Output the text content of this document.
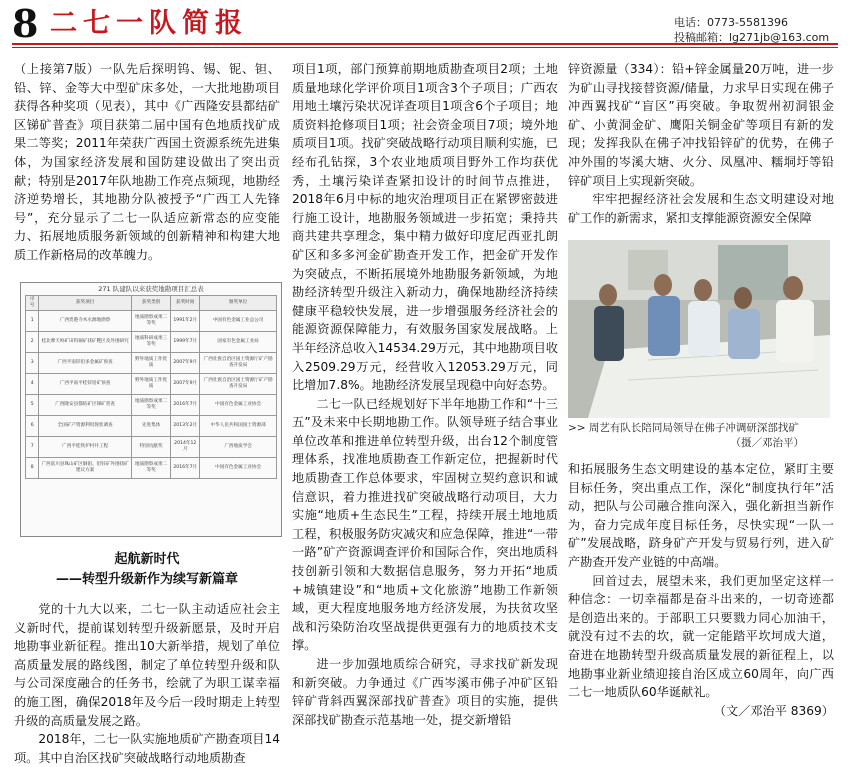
8 二七一队简报	电话：0773-5581396
投稿邮箱：lg271jb@163.com

（上接第7版）一队先后探明钨、锡、铌、钽、铅、锌、金等大中型矿床多处，一大批地勘项目获得各种奖项（见表），其中《广西隆安县都结矿区锑矿普查》项目获第二届中国有色地质找矿成果二等奖；2011年荣获广西国土资源系统先进集体，为国家经济发展和国防建设做出了突出贡献；特别是2017年队地勘工作亮点频现，地勘经济逆势增长，其地勘分队被授予“广西工人先锋号”，充分显示了二七一队适应新常态的应变能力、拓展地质服务新领域的创新精神和构建大地质工作新格局的改革魄力。

271 队建队以来获奖地勘项目汇总表
序号	获奖项目	获奖类别	获奖时间	颁奖单位
1	广西贵港寺木水源地勘察	地质勘察成果二等奖	1991年2月	中国有色金属工业总公司
2	桂北摩天岭矿田钨锡矿找矿靶区及外围研究	地质科研成果三等奖	1999年7月	国家有色金属工业局
3	广西平南锌铅多金属矿预查	野外地质工作优质	2007年9月	广西壮族自治区国土资源厅矿产勘查开发局
4	广西平南平桂锌铅矿预查	野外地质工作优质	2007年9月	广西壮族自治区国土资源厅矿产勘查开发局
5	广西隆安县都结矿区锑矿普查	地质勘察成果二等奖	2016年7月	中国有色金属工业协会
6	全国矿产资源利用现状调查	先进集体	2013年2月	中华人民共和国国土资源部
7	广西平桂铁炉村井工程	特别贡献奖	2014年12月	广西地质学会
8	广西富川县珠山矿区铜钼、铅锌矿外围找矿建议方案	地质勘察成果二等奖	2016年7月	中国有色金属工业协会
起航新时代
——转型升级新作为续写新篇章

党的十九大以来，二七一队主动适应社会主义新时代，提前谋划转型升级新愿景，及时开启地勘事业新征程。推出10大新举措，规划了单位高质量发展的路线图，制定了单位转型升级和队与公司深度融合的任务书，绘就了为职工谋幸福的施工图，确保2018年及今后一段时期走上转型升级的高质量发展之路。

2018年，二七一队实施地质矿产勘查项目14项。其中自治区找矿突破战略行动地质勘查

项目1项，部门预算前期地质勘查项目2项；土地质量地球化学评价项目1项含3个子项目；广西农用地土壤污染状况详查项目1项含6个子项目；地质资料抢修项目1项；社会资金项目7项；境外地质项目1项。找矿突破战略行动项目顺利实施，已经布孔钻探，3个农业地质项目野外工作均获优秀，土壤污染详查紧扣设计的时间节点推进，2018年6月中标的地灾治理项目正在紧锣密鼓进行施工设计，地勘服务领域进一步拓宽；秉持共商共建共享理念，集中精力做好印度尼西亚扎朗矿区和多多河金矿勘查开发工作，把金矿开发作为突破点，不断拓展境外地勘服务新领域，为地勘经济转型升级注入新动力，确保地勘经济持续健康平稳较快发展，进一步增强服务经济社会的能源资源保障能力，有效服务国家发展战略。上半年经济总收入14534.29万元，其中地勘项目收入2509.29万元，经营收入12053.29万元，同比增加7.8%。地勘经济发展呈现稳中向好态势。

二七一队已经规划好下半年地勘工作和“十三五”及未来中长期地勘工作。队领导班子结合事业单位改革和推进单位转型升级，出台12个制度管理体系，找准地质勘查工作新定位，把握新时代地质勘查工作总体要求，牢固树立契约意识和诚信意识，着力推进找矿突破战略行动项目，大力实施“地质+生态民生”工程，持续开展土地地质工程，积极服务防灾减灾和应急保障，推进“一带一路”矿产资源调查评价和国际合作，突出地质科技创新引领和大数据信息服务，努力开拓“地质+城镇建设”和“地质+文化旅游”地勘工作新领域，更大程度地服务地方经济发展，为扶贫攻坚战和污染防治攻坚战提供更强有力的地质技术支撑。

进一步加强地质综合研究，寻求找矿新发现和新突破。力争通过《广西岑溪市佛子冲矿区铅锌矿背斜西翼深部找矿普查》项目的实施，提供深部找矿勘查示范基地一处，提交新增铅

锌资源量（334）：铅+锌金属量20万吨，进一步为矿山寻找接替资源/储量，力求早日实现在佛子冲西翼找矿“盲区”再突破。争取贺州初洞银金矿、小黄洞金矿、鹰阳关铜金矿等项目有新的发现；发挥我队在佛子冲找铅锌矿的优势，在佛子冲外围的岑溪大塘、火分、凤凰冲、糯垌圩等铅锌矿项目上实现新突破。

牢牢把握经济社会发展和生态文明建设对地矿工作的新需求，紧扣支撑能源资源安全保障

>> 周艺有队长陪同局领导在佛子冲调研深部找矿
（摄／邓治平）

和拓展服务生态文明建设的基本定位，紧盯主要目标任务，突出重点工作，深化“制度执行年”活动，把队与公司融合推向深入，强化新担当新作为，奋力完成年度目标任务，尽快实现“一队一矿”发展战略，跻身矿产开发与贸易行列，进入矿产勘查开发产业链的中高端。

回首过去，展望未来，我们更加坚定这样一种信念：一切幸福都是奋斗出来的，一切奇迹都是创造出来的。于部职工只要戮力同心加油干，就没有过不去的坎，就一定能踏平坎坷成大道，奋进在地勘转型升级高质量发展的新征程上，以地勘事业新业绩迎接自治区成立60周年，向广西二七一地质队60华诞献礼。

（文／邓治平 8369）
